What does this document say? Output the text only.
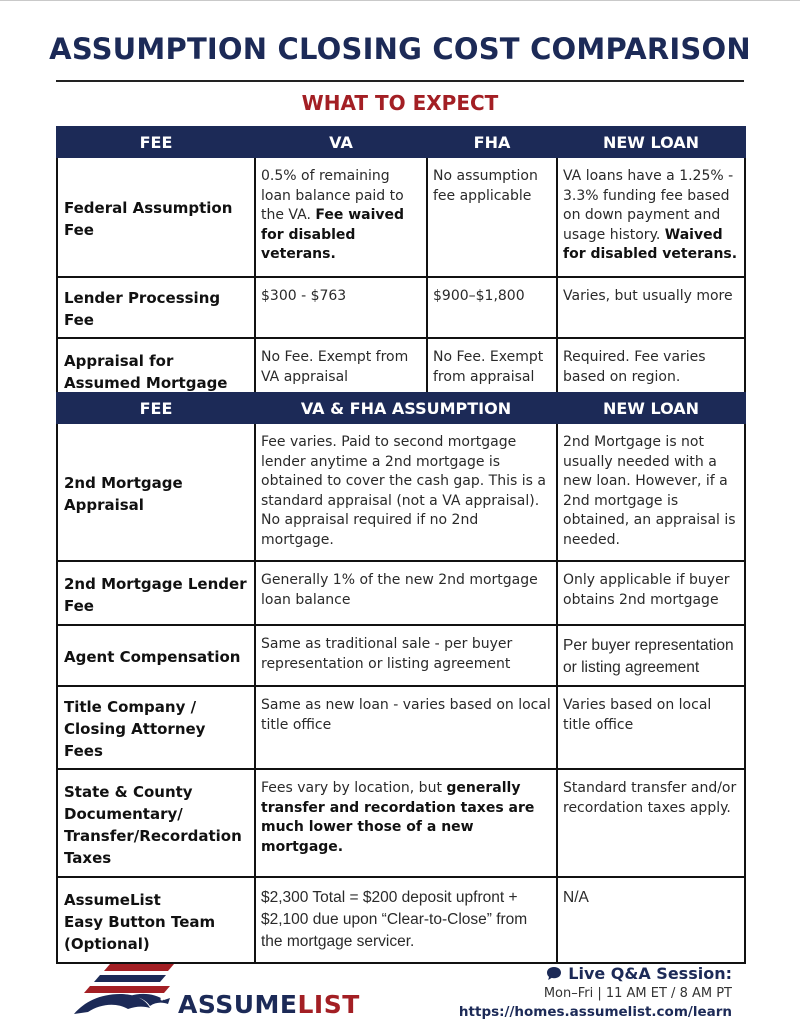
ASSUMPTION CLOSING COST COMPARISON
WHAT TO EXPECT
FEE	VA	FHA	NEW LOAN
Federal Assumption Fee	0.5% of remaining loan balance paid to the VA. Fee waived for disabled veterans.	No assumption fee applicable	VA loans have a 1.25% - 3.3% funding fee based on down payment and usage history. Waived for disabled veterans.
Lender Processing Fee	$300 - $763	$900–$1,800	Varies, but usually more
Appraisal for Assumed Mortgage	No Fee. Exempt from VA appraisal	No Fee. Exempt from appraisal	Required. Fee varies based on region.
FEE	VA & FHA ASSUMPTION	NEW LOAN
2nd Mortgage Appraisal	Fee varies. Paid to second mortgage lender anytime a 2nd mortgage is obtained to cover the cash gap. This is a standard appraisal (not a VA appraisal). No appraisal required if no 2nd mortgage.	2nd Mortgage is not usually needed with a new loan. However, if a 2nd mortgage is obtained, an appraisal is needed.
2nd Mortgage Lender Fee	Generally 1% of the new 2nd mortgage loan balance	Only applicable if buyer obtains 2nd mortgage
Agent Compensation	Same as traditional sale - per buyer representation or listing agreement	Per buyer representation or listing agreement
Title Company / Closing Attorney Fees	Same as new loan - varies based on local title office	Varies based on local title office
State & County
Documentary/
Transfer/Recordation
Taxes	Fees vary by location, but generally transfer and recordation taxes are much lower those of a new mortgage.	Standard transfer and/or recordation taxes apply.
AssumeList
Easy Button Team
(Optional)	$2,300 Total = $200 deposit upfront + $2,100 due upon “Clear-to-Close” from the mortgage servicer.	N/A
ASSUMELIST
Live Q&A Session:
Mon–Fri | 11 AM ET / 8 AM PT
https://homes.assumelist.com/learn
